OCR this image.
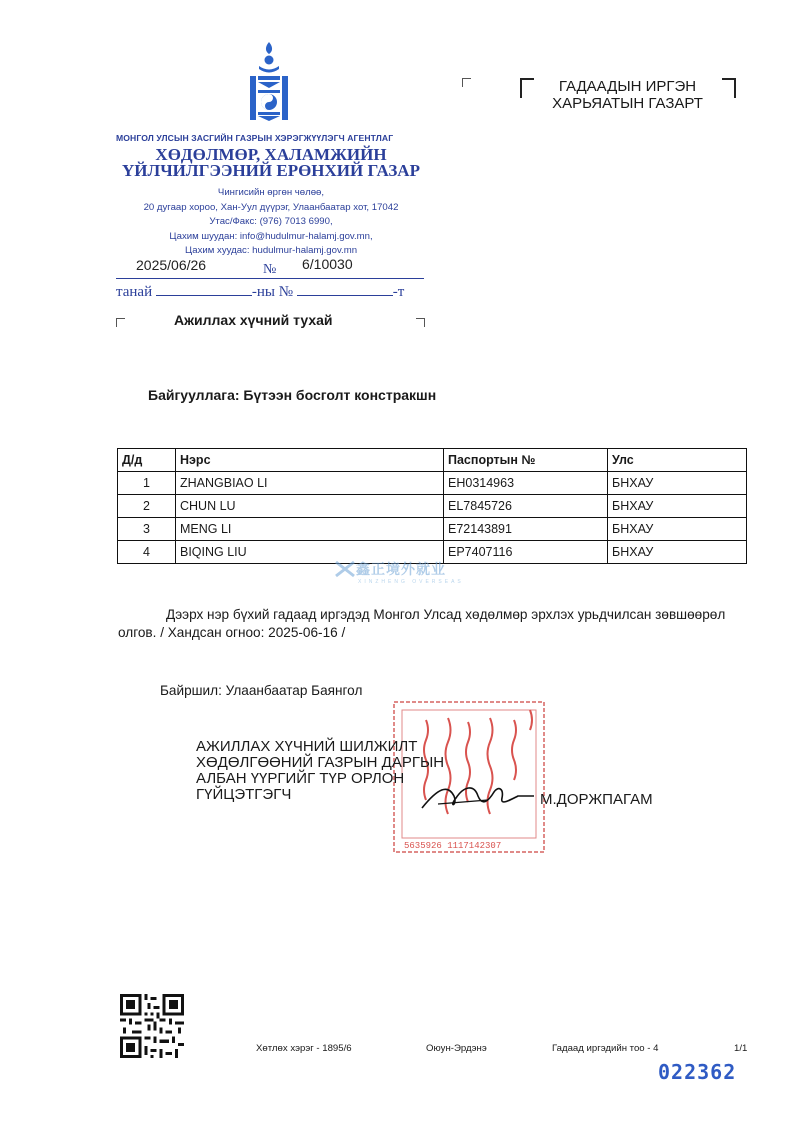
МОНГОЛ УЛСЫН ЗАСГИЙН ГАЗРЫН ХЭРЭГЖҮҮЛЭГЧ АГЕНТЛАГ
ХӨДӨЛМӨР, ХАЛАМЖИЙН
ҮЙЛЧИЛГЭЭНИЙ ЕРӨНХИЙ ГАЗАР
Чингисийн өргөн чөлөө,
20 дугаар хороо, Хан-Уул дүүрэг, Улаанбаатар хот, 17042
Утас/Факс: (976) 7013 6990,
Цахим шуудан: info@hudulmur-halamj.gov.mn,
Цахим хуудас: hudulmur-halamj.gov.mn
2025/06/26	№ 6/10030
танай	-ны №	-т
ГАДААДЫН ИРГЭН
ХАРЬЯАТЫН ГАЗАРТ
Ажиллах хүчний тухай
Байгууллага: Бүтээн босголт констракшн
Д/д	Нэрс	Паспортын №	Улс
1	ZHANGBIAO LI	EH0314963	БНХАУ
2	CHUN LU	EL7845726	БНХАУ
3	MENG LI	E72143891	БНХАУ
4	BIQING LIU	EP7407116	БНХАУ
鑫正境外就业
XINZHENG OVERSEAS
Дээрх нэр бүхий гадаад иргэдэд Монгол Улсад хөдөлмөр эрхлэх урьдчилсан зөвшөөрөл олгов. / Хандсан огноо: 2025-06-16 /
Байршил: Улаанбаатар Баянгол
5635926 1117142307
АЖИЛЛАХ ХҮЧНИЙ ШИЛЖИЛТ
ХӨДӨЛГӨӨНИЙ ГАЗРЫН ДАРГЫН
АЛБАН ҮҮРГИЙГ ТҮР ОРЛОН
ГҮЙЦЭТГЭГЧ	М.ДОРЖПАГАМ
Хөтлөх хэрэг - 1895/6	Оюун-Эрдэнэ	Гадаад иргэдийн тоо - 4	1/1
022362
